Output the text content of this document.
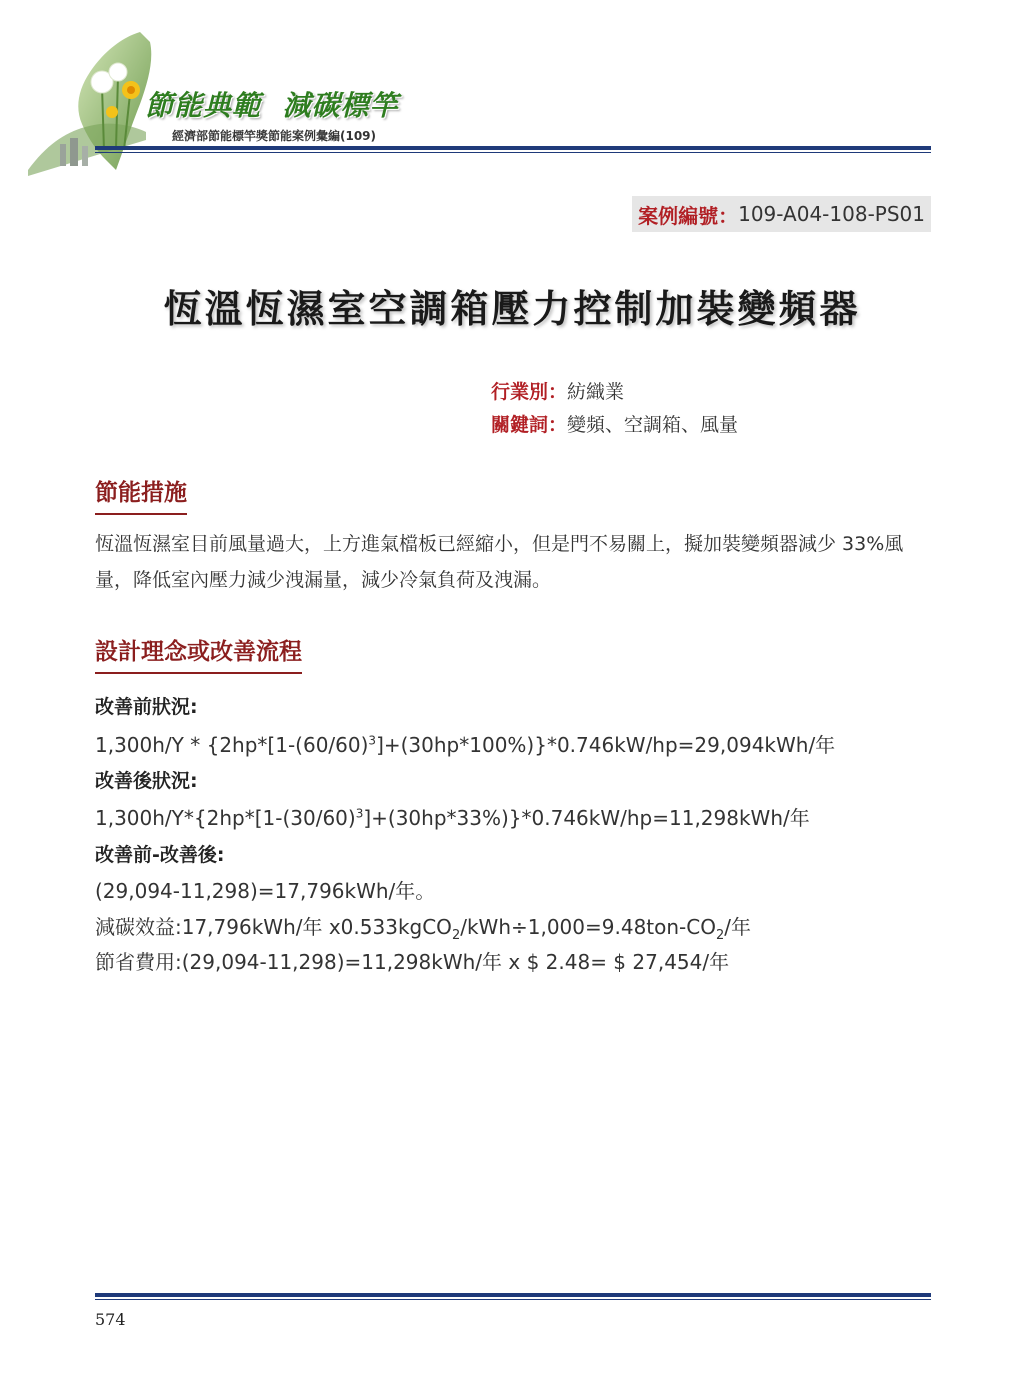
節能典範  減碳標竿
經濟部節能標竿獎節能案例彙編(109)
案例編號： 109-A04-108-PS01
恆溫恆濕室空調箱壓力控制加裝變頻器
行業別：紡織業
關鍵詞：變頻、空調箱、風量
節能措施
恆溫恆濕室目前風量過大，上方進氣檔板已經縮小，但是門不易關上，擬加裝變頻器減少 33%風量，降低室內壓力減少洩漏量，減少冷氣負荷及洩漏。
設計理念或改善流程
改善前狀況:
$1,300h/Y * \{2hp*[1-(60/60)^3]+(30hp*100\%)\}*0.746kW/hp=29,094kWh/$年
改善後狀況:
$1,300h/Y*\{2hp*[1-(30/60)^3]+(30hp*33\%)\}*0.746kW/hp=11,298kWh/$年
改善前-改善後:
(29,094-11,298)=17,796kWh/年。
減碳效益:17,796kWh/年 $x0.533kgCO_2/kWh\div 1,000=9.48ton-CO_2/$年
節省費用:(29,094-11,298)=11,298kWh/年 x $ 2.48= $ 27,454/年
574
